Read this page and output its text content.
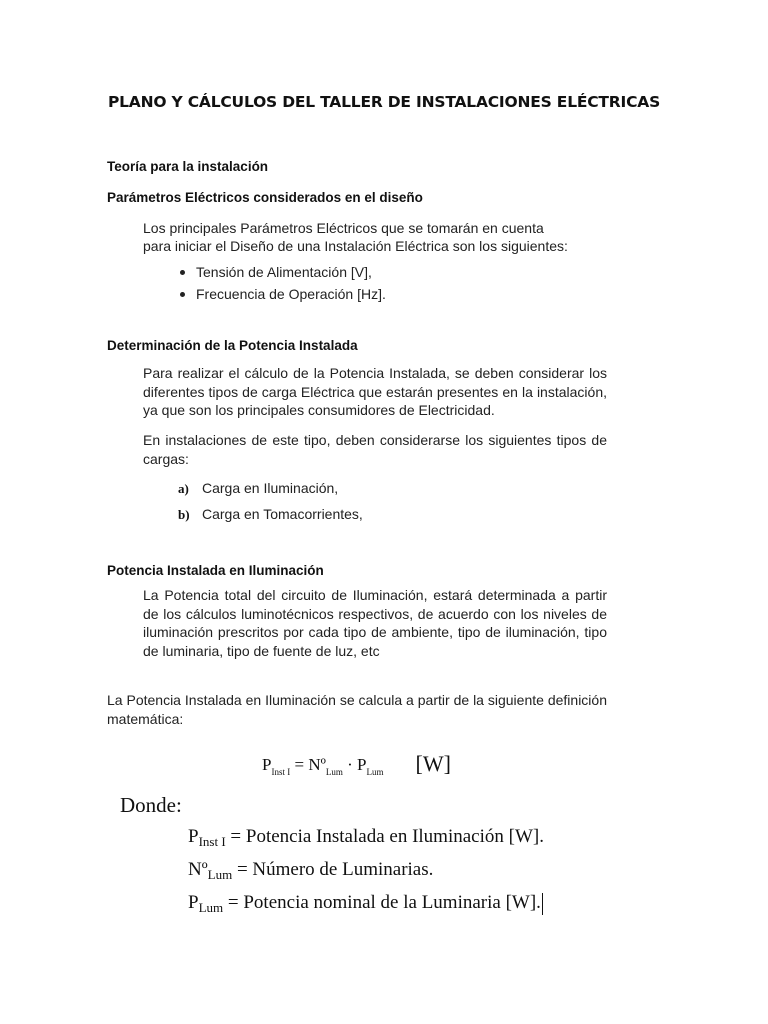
PLANO Y CÁLCULOS DEL TALLER DE INSTALACIONES ELÉCTRICAS
Teoría para la instalación
Parámetros Eléctricos considerados en el diseño
Los principales Parámetros Eléctricos que se tomarán en cuenta
para iniciar el Diseño de una Instalación Eléctrica son los siguientes:
Tensión de Alimentación [V],
Frecuencia de Operación [Hz].
Determinación de la Potencia Instalada
Para realizar el cálculo de la Potencia Instalada, se deben considerar los diferentes tipos de carga Eléctrica que estarán presentes en la instalación, ya que son los principales consumidores de Electricidad.
En instalaciones de este tipo, deben considerarse los siguientes tipos de cargas:
a) Carga en Iluminación,
b) Carga en Tomacorrientes,
Potencia Instalada en Iluminación
La Potencia total del circuito de Iluminación, estará determinada a partir de los cálculos luminotécnicos respectivos, de acuerdo con los niveles de iluminación prescritos por cada tipo de ambiente, tipo de iluminación, tipo de luminaria, tipo de fuente de luz, etc
La Potencia Instalada en Iluminación se calcula a partir de la siguiente definición matemática:
$P_{Inst I}$ = Nº$_{Lum}$ · $P_{Lum}$ [W]
Donde:
$P_{Inst I}$ = Potencia Instalada en Iluminación [W].
Nº$_{Lum}$ = Número de Luminarias.
$P_{Lum}$ = Potencia nominal de la Luminaria [W].
